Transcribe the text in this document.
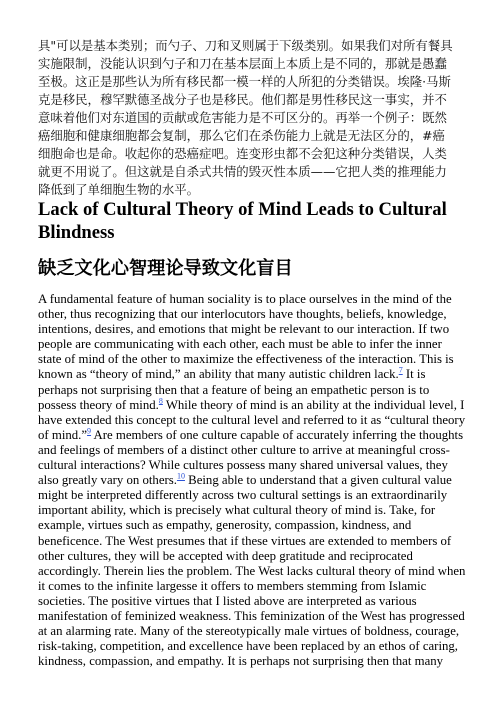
具"可以是基本类别；而勺子、刀和叉则属于下级类别。如果我们对所有餐具
实施限制，没能认识到勺子和刀在基本层面上本质上是不同的，那就是愚蠢
至极。这正是那些认为所有移民都一模一样的人所犯的分类错误。埃隆·马斯
克是移民，穆罕默德圣战分子也是移民。他们都是男性移民这一事实，并不
意味着他们对东道国的贡献或危害能力是不可区分的。再举一个例子：既然
癌细胞和健康细胞都会复制，那么它们在杀伤能力上就是无法区分的，#癌
细胞命也是命。收起你的恐癌症吧。连变形虫都不会犯这种分类错误，人类
就更不用说了。但这就是自杀式共情的毁灭性本质——它把人类的推理能力
降低到了单细胞生物的水平。
Lack of Cultural Theory of Mind Leads to Cultural Blindness
缺乏文化心智理论导致文化盲目
A fundamental feature of human sociality is to place ourselves in the mind of the
other, thus recognizing that our interlocutors have thoughts, beliefs, knowledge,
intentions, desires, and emotions that might be relevant to our interaction. If two
people are communicating with each other, each must be able to infer the inner
state of mind of the other to maximize the effectiveness of the interaction. This is
known as “theory of mind,” an ability that many autistic children lack.$^7$ It is
perhaps not surprising then that a feature of being an empathetic person is to
possess theory of mind.$^8$ While theory of mind is an ability at the individual level, I
have extended this concept to the cultural level and referred to it as “cultural theory
of mind.”$^9$ Are members of one culture capable of accurately inferring the thoughts
and feelings of members of a distinct other culture to arrive at meaningful cross-
cultural interactions? While cultures possess many shared universal values, they
also greatly vary on others.$^{10}$ Being able to understand that a given cultural value
might be interpreted differently across two cultural settings is an extraordinarily
important ability, which is precisely what cultural theory of mind is. Take, for
example, virtues such as empathy, generosity, compassion, kindness, and
beneficence. The West presumes that if these virtues are extended to members of
other cultures, they will be accepted with deep gratitude and reciprocated
accordingly. Therein lies the problem. The West lacks cultural theory of mind when
it comes to the infinite largesse it offers to members stemming from Islamic
societies. The positive virtues that I listed above are interpreted as various
manifestation of feminized weakness. This feminization of the West has progressed
at an alarming rate. Many of the stereotypically male virtues of boldness, courage,
risk-taking, competition, and excellence have been replaced by an ethos of caring,
kindness, compassion, and empathy. It is perhaps not surprising then that many
